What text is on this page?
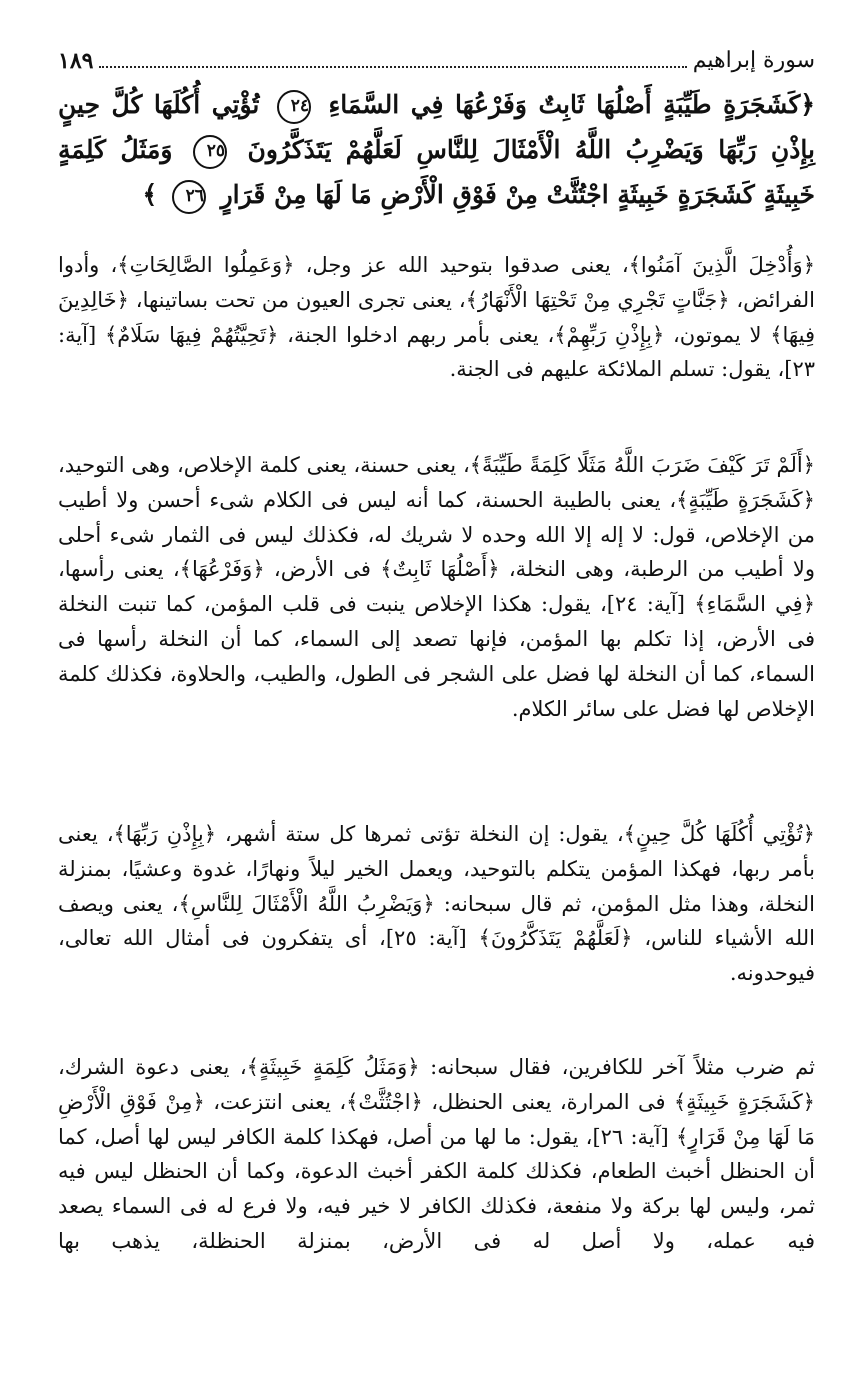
سورة إبراهيم
١٨٩
﴿كَشَجَرَةٍ طَيِّبَةٍ أَصْلُهَا ثَابِتٌ وَفَرْعُهَا فِي السَّمَاءِ ٢٤ تُؤْتِي أُكُلَهَا كُلَّ حِينٍ بِإِذْنِ رَبِّهَا وَيَضْرِبُ اللَّهُ الْأَمْثَالَ لِلنَّاسِ لَعَلَّهُمْ يَتَذَكَّرُونَ ٢٥ وَمَثَلُ كَلِمَةٍ خَبِيثَةٍ كَشَجَرَةٍ خَبِيثَةٍ اجْتُثَّتْ مِنْ فَوْقِ الْأَرْضِ مَا لَهَا مِنْ قَرَارٍ ٢٦ ﴾
﴿وَأُدْخِلَ الَّذِينَ آمَنُوا﴾، يعنى صدقوا بتوحيد الله عز وجل، ﴿وَعَمِلُوا الصَّالِحَاتِ﴾، وأدوا الفرائض، ﴿جَنَّاتٍ تَجْرِي مِنْ تَحْتِهَا الْأَنْهَارُ﴾، يعنى تجرى العيون من تحت بساتينها، ﴿خَالِدِينَ فِيهَا﴾ لا يموتون، ﴿بِإِذْنِ رَبِّهِمْ﴾، يعنى بأمر ربهم ادخلوا الجنة، ﴿تَحِيَّتُهُمْ فِيهَا سَلَامٌ﴾ [آية: ٢٣]، يقول: تسلم الملائكة عليهم فى الجنة.
﴿أَلَمْ تَرَ كَيْفَ ضَرَبَ اللَّهُ مَثَلًا كَلِمَةً طَيِّبَةً﴾، يعنى حسنة، يعنى كلمة الإخلاص، وهى التوحيد، ﴿كَشَجَرَةٍ طَيِّبَةٍ﴾، يعنى بالطيبة الحسنة، كما أنه ليس فى الكلام شىء أحسن ولا أطيب من الإخلاص، قول: لا إله إلا الله وحده لا شريك له، فكذلك ليس فى الثمار شىء أحلى ولا أطيب من الرطبة، وهى النخلة، ﴿أَصْلُهَا ثَابِتٌ﴾ فى الأرض، ﴿وَفَرْعُهَا﴾، يعنى رأسها، ﴿فِي السَّمَاءِ﴾ [آية: ٢٤]، يقول: هكذا الإخلاص ينبت فى قلب المؤمن، كما تنبت النخلة فى الأرض، إذا تكلم بها المؤمن، فإنها تصعد إلى السماء، كما أن النخلة رأسها فى السماء، كما أن النخلة لها فضل على الشجر فى الطول، والطيب، والحلاوة، فكذلك كلمة الإخلاص لها فضل على سائر الكلام.
﴿تُؤْتِي أُكُلَهَا كُلَّ حِينٍ﴾، يقول: إن النخلة تؤتى ثمرها كل ستة أشهر، ﴿بِإِذْنِ رَبِّهَا﴾، يعنى بأمر ربها، فهكذا المؤمن يتكلم بالتوحيد، ويعمل الخير ليلاً ونهارًا، غدوة وعشيًا، بمنزلة النخلة، وهذا مثل المؤمن، ثم قال سبحانه: ﴿وَيَضْرِبُ اللَّهُ الْأَمْثَالَ لِلنَّاسِ﴾، يعنى ويصف الله الأشياء للناس، ﴿لَعَلَّهُمْ يَتَذَكَّرُونَ﴾ [آية: ٢٥]، أى يتفكرون فى أمثال الله تعالى، فيوحدونه.
ثم ضرب مثلاً آخر للكافرين، فقال سبحانه: ﴿وَمَثَلُ كَلِمَةٍ خَبِيثَةٍ﴾، يعنى دعوة الشرك، ﴿كَشَجَرَةٍ خَبِيثَةٍ﴾ فى المرارة، يعنى الحنظل، ﴿اجْتُثَّتْ﴾، يعنى انتزعت، ﴿مِنْ فَوْقِ الْأَرْضِ مَا لَهَا مِنْ قَرَارٍ﴾ [آية: ٢٦]، يقول: ما لها من أصل، فهكذا كلمة الكافر ليس لها أصل، كما أن الحنظل أخبث الطعام، فكذلك كلمة الكفر أخبث الدعوة، وكما أن الحنظل ليس فيه ثمر، وليس لها بركة ولا منفعة، فكذلك الكافر لا خير فيه، ولا فرع له فى السماء يصعد فيه عمله، ولا أصل له فى الأرض، بمنزلة الحنظلة، يذهب بها
